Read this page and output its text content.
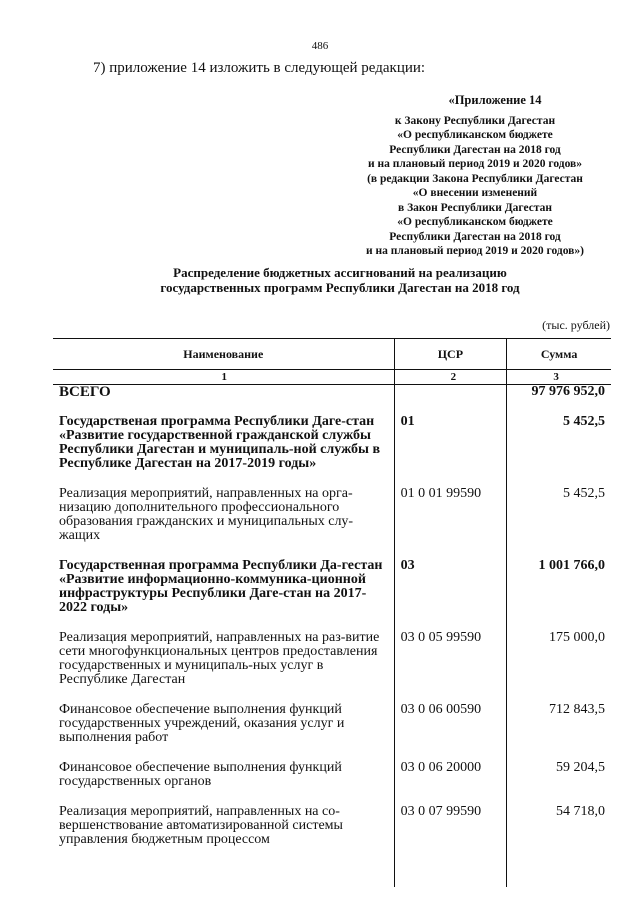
486
7) приложение 14 изложить в следующей редакции:
«Приложение 14
к Закону Республики Дагестан
«О республиканском бюджете
Республики Дагестан на 2018 год
и на плановый период 2019 и 2020 годов»
(в редакции Закона Республики Дагестан
«О внесении изменений
в Закон Республики Дагестан
«О республиканском бюджете
Республики Дагестан на 2018 год
и на плановый период 2019 и 2020 годов»)
Распределение бюджетных ассигнований на реализацию
государственных программ Республики Дагестан на 2018 год
(тыс. рублей)
Наименование	ЦСР	Сумма
1	2	3
ВСЕГО		97 976 952,0
Государственая программа Республики Даге-стан «Развитие государственной гражданской службы Республики Дагестан и муниципаль-ной службы в Республике Дагестан на 2017-2019 годы»	01	5 452,5

Реализация мероприятий, направленных на орга-низацию дополнительного профессионального образования гражданских и муниципальных слу-жащих	01 0 01 99590	5 452,5

Государственная программа Республики Да-гестан «Развитие информационно-коммуника-ционной инфраструктуры Республики Даге-стан на 2017- 2022 годы»	03	1 001 766,0

Реализация мероприятий, направленных на раз-витие сети многофункциональных центров предоставления государственных и муниципаль-ных услуг в Республике Дагестан	03 0 05 99590	175 000,0

Финансовое обеспечение выполнения функций государственных учреждений, оказания услуг и выполнения работ	03 0 06 00590	712 843,5

Финансовое обеспечение выполнения функций государственных органов	03 0 06 20000	59 204,5

Реализация мероприятий, направленных на со-вершенствование автоматизированной системы управления бюджетным процессом	03 0 07 99590	54 718,0
